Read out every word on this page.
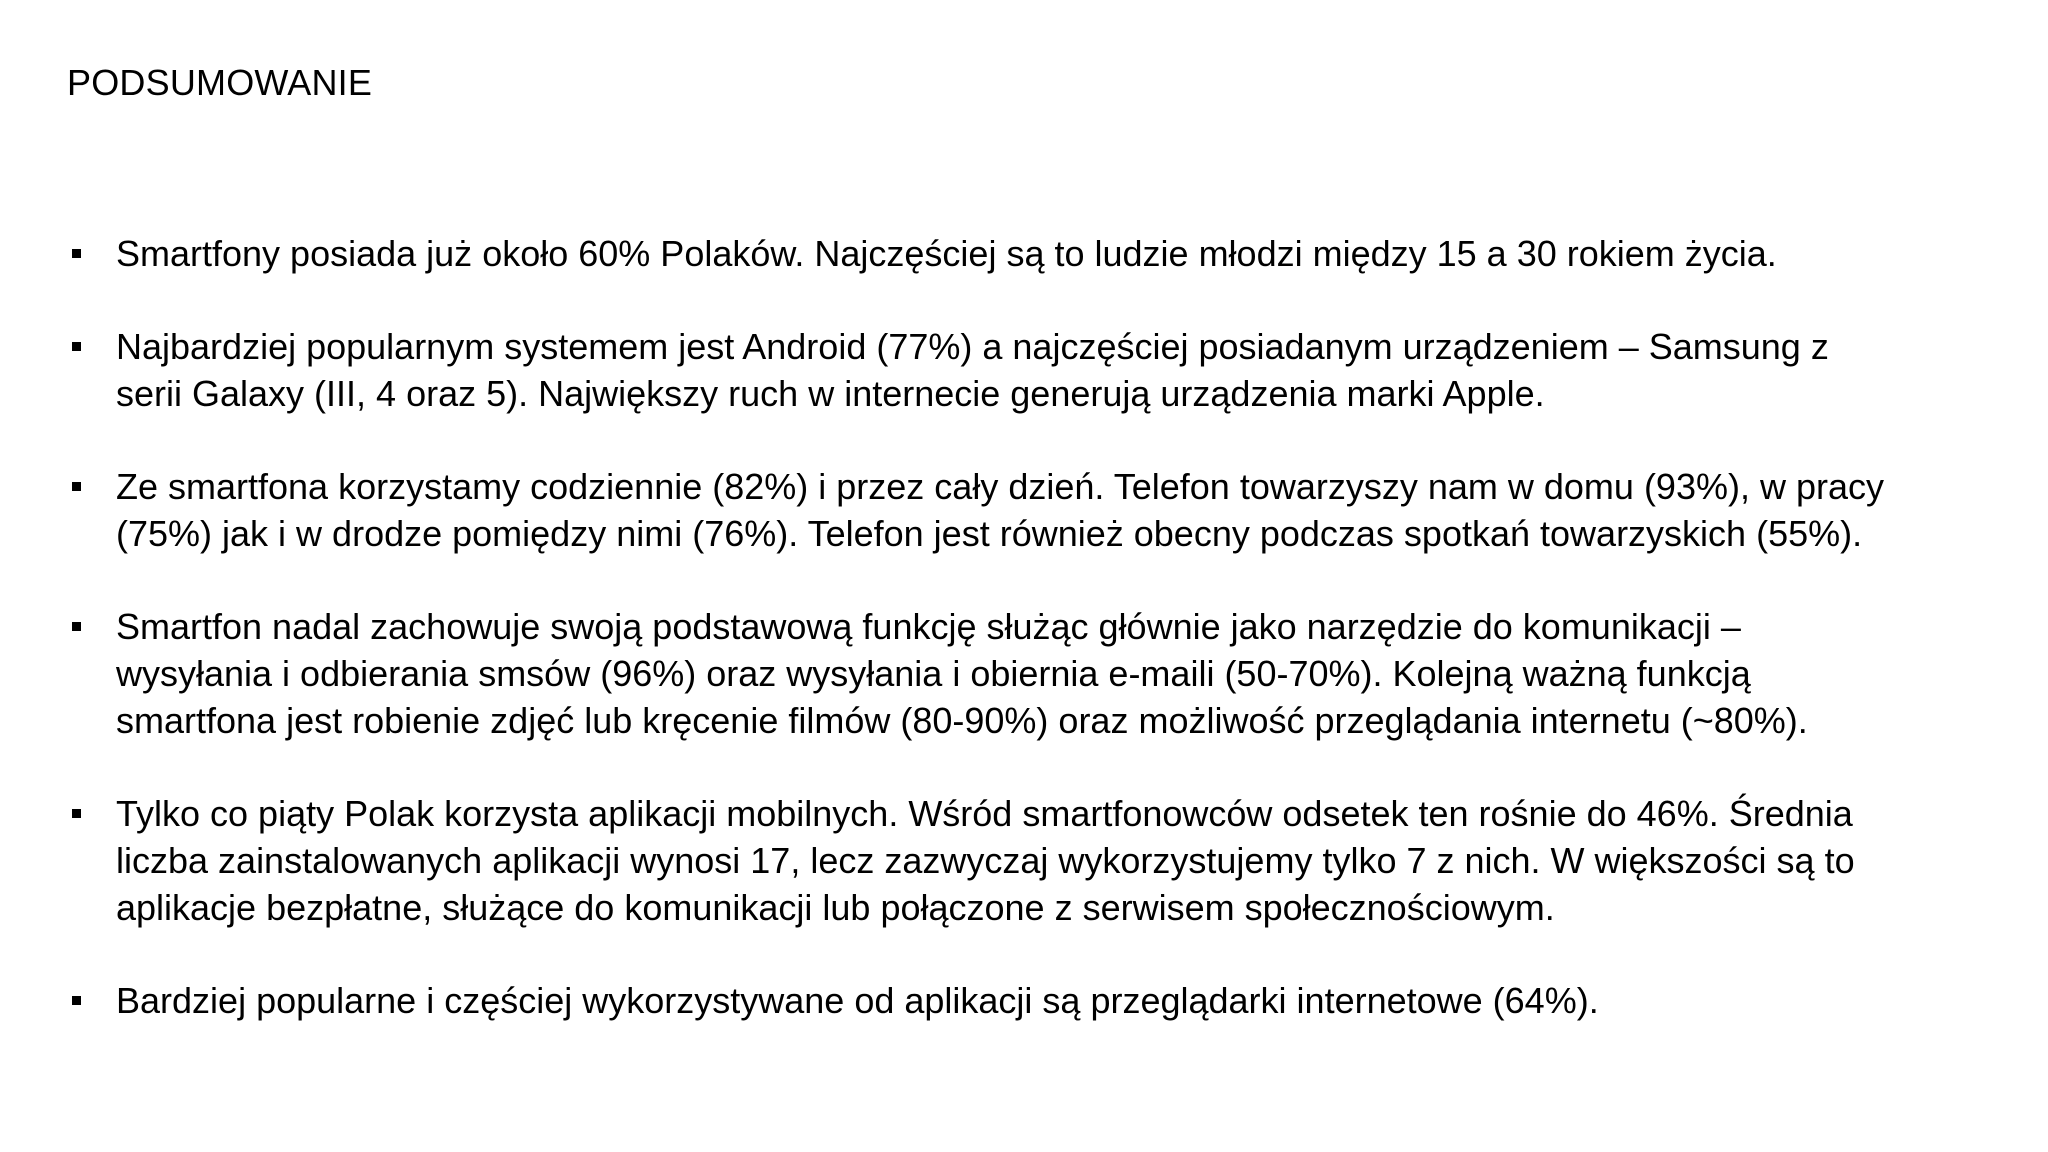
PODSUMOWANIE
Smartfony posiada już około 60% Polaków. Najczęściej są to ludzie młodzi między 15 a 30 rokiem życia.
Najbardziej popularnym systemem jest Android (77%) a najczęściej posiadanym urządzeniem – Samsung z
serii Galaxy (III, 4 oraz 5). Największy ruch w internecie generują urządzenia marki Apple.
Ze smartfona korzystamy codziennie (82%) i przez cały dzień. Telefon towarzyszy nam w domu (93%), w pracy
(75%) jak i w drodze pomiędzy nimi (76%). Telefon jest również obecny podczas spotkań towarzyskich (55%).
Smartfon nadal zachowuje swoją podstawową funkcję służąc głównie jako narzędzie do komunikacji –
wysyłania i odbierania smsów (96%) oraz wysyłania i obiernia e-maili (50-70%). Kolejną ważną funkcją
smartfona jest robienie zdjęć lub kręcenie filmów (80-90%) oraz możliwość przeglądania internetu (~80%).
Tylko co piąty Polak korzysta aplikacji mobilnych. Wśród smartfonowców odsetek ten rośnie do 46%. Średnia
liczba zainstalowanych aplikacji wynosi 17, lecz zazwyczaj wykorzystujemy tylko 7 z nich. W większości są to
aplikacje bezpłatne, służące do komunikacji lub połączone z serwisem społecznościowym.
Bardziej popularne i częściej wykorzystywane od aplikacji są przeglądarki internetowe (64%).
